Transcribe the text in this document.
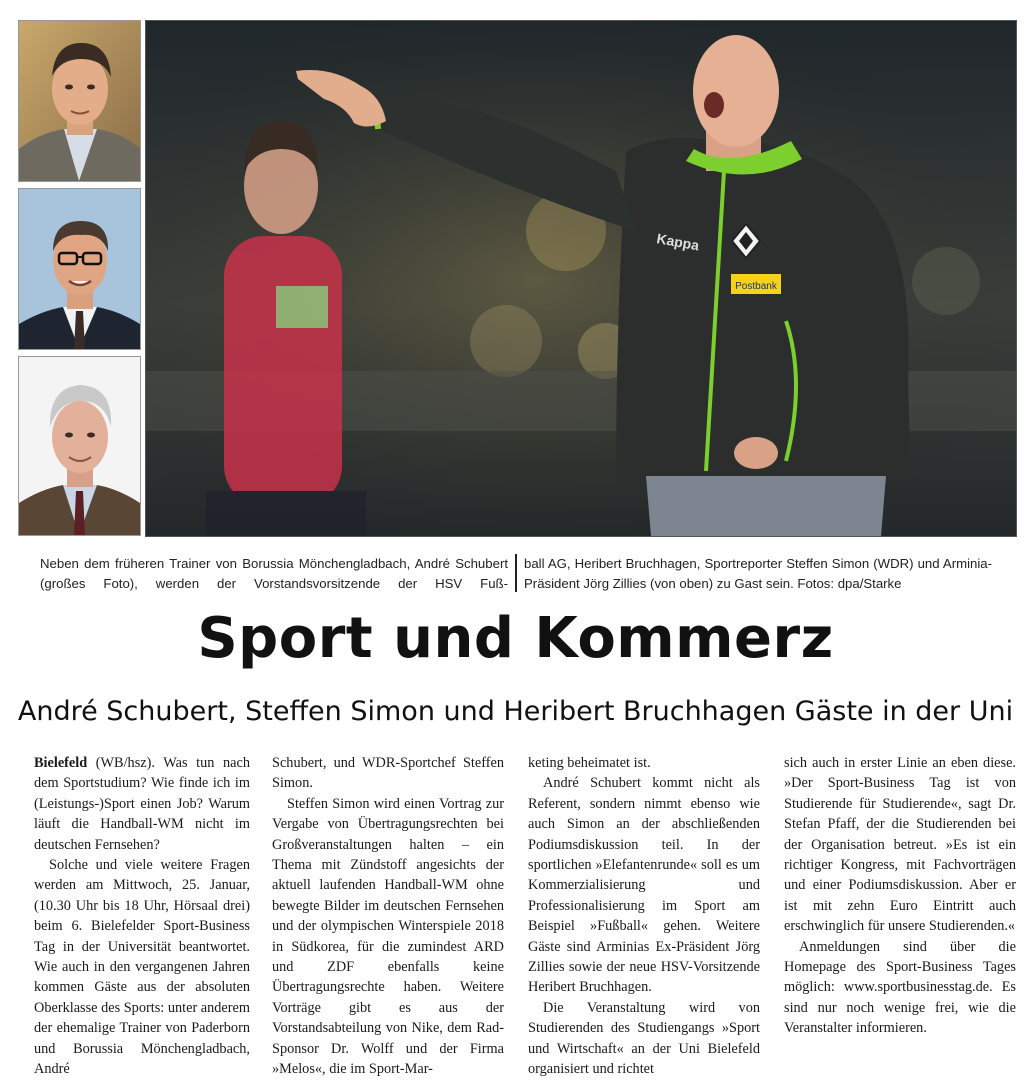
Postbank
Kappa
Neben dem früheren Trainer von Borussia Mönchengladbach, André Schubert (großes Foto), werden der Vorstandsvorsitzende der HSV Fuß-
ball AG, Heribert Bruchhagen, Sportreporter Steffen Simon (WDR) und Arminia-Präsident Jörg Zillies (von oben) zu Gast sein. Fotos: dpa/Starke
Sport und Kommerz
André Schubert, Steffen Simon und Heribert Bruchhagen Gäste in der Uni

Bielefeld (WB/hsz). Was tun nach dem Sportstudium? Wie finde ich im (Leistungs-)Sport einen Job? Warum läuft die Handball-WM nicht im deutschen Fernsehen?

Solche und viele weitere Fragen werden am Mittwoch, 25. Januar, (10.30 Uhr bis 18 Uhr, Hörsaal drei) beim 6. Bielefelder Sport-Business Tag in der Universität beantwortet. Wie auch in den vergangenen Jahren kommen Gäste aus der absoluten Oberklasse des Sports: unter anderem der ehemalige Trainer von Paderborn und Borussia Mönchengladbach, André

Schubert, und WDR-Sportchef Steffen Simon.

Steffen Simon wird einen Vortrag zur Vergabe von Übertragungsrechten bei Großveranstaltungen halten – ein Thema mit Zündstoff angesichts der aktuell laufenden Handball-WM ohne bewegte Bilder im deutschen Fernsehen und der olympischen Winterspiele 2018 in Südkorea, für die zumindest ARD und ZDF ebenfalls keine Übertragungsrechte haben. Weitere Vorträge gibt es aus der Vorstandsabteilung von Nike, dem Rad-Sponsor Dr. Wolff und der Firma »Melos«, die im Sport-Mar-

keting beheimatet ist.

André Schubert kommt nicht als Referent, sondern nimmt ebenso wie auch Simon an der abschließenden Podiumsdiskussion teil. In der sportlichen »Elefantenrunde« soll es um Kommerzialisierung und Professionalisierung im Sport am Beispiel »Fußball« gehen. Weitere Gäste sind Arminias Ex-Präsident Jörg Zillies sowie der neue HSV-Vorsitzende Heribert Bruchhagen.

Die Veranstaltung wird von Studierenden des Studiengangs »Sport und Wirtschaft« an der Uni Bielefeld organisiert und richtet

sich auch in erster Linie an eben diese. »Der Sport-Business Tag ist von Studierende für Studierende«, sagt Dr. Stefan Pfaff, der die Studierenden bei der Organisation betreut. »Es ist ein richtiger Kongress, mit Fachvorträgen und einer Podiumsdiskussion. Aber er ist mit zehn Euro Eintritt auch erschwinglich für unsere Studierenden.«

Anmeldungen sind über die Homepage des Sport-Business Tages möglich: www.sportbusinesstag.de. Es sind nur noch wenige frei, wie die Veranstalter informieren.
